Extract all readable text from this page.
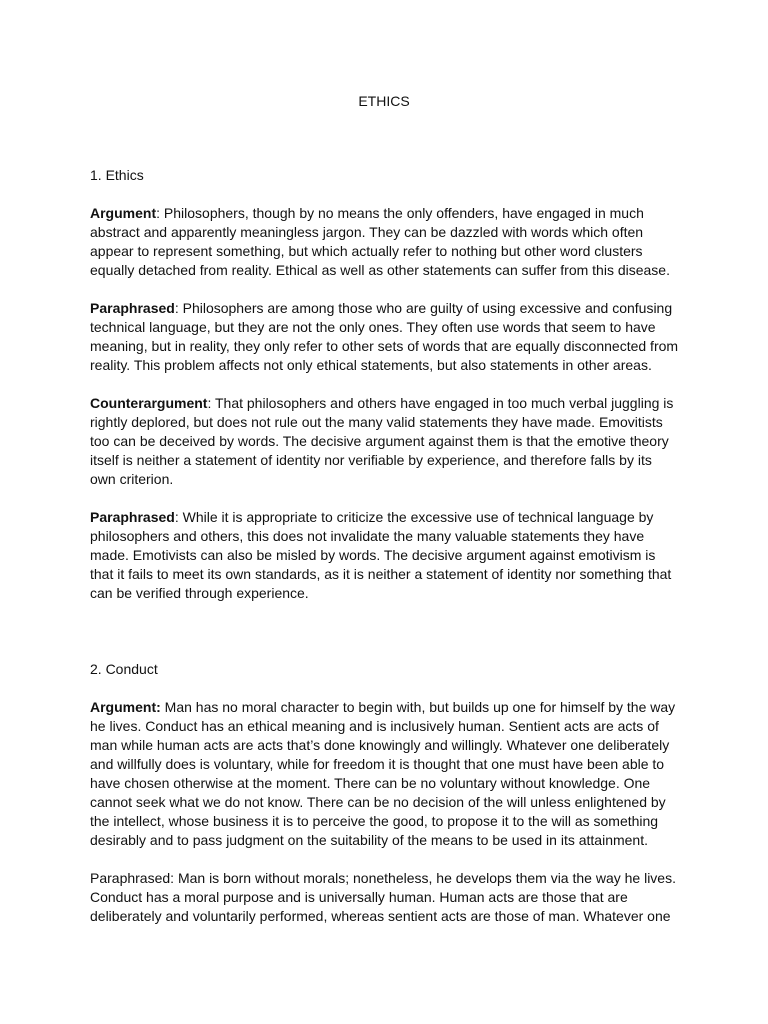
ETHICS

1. Ethics

Argument: Philosophers, though by no means the only offenders, have engaged in much abstract and apparently meaningless jargon. They can be dazzled with words which often appear to represent something, but which actually refer to nothing but other word clusters equally detached from reality. Ethical as well as other statements can suffer from this disease.

Paraphrased: Philosophers are among those who are guilty of using excessive and confusing technical language, but they are not the only ones. They often use words that seem to have meaning, but in reality, they only refer to other sets of words that are equally disconnected from reality. This problem affects not only ethical statements, but also statements in other areas.

Counterargument: That philosophers and others have engaged in too much verbal juggling is rightly deplored, but does not rule out the many valid statements they have made. Emovitists too can be deceived by words. The decisive argument against them is that the emotive theory itself is neither a statement of identity nor verifiable by experience, and therefore falls by its own criterion.

Paraphrased: While it is appropriate to criticize the excessive use of technical language by philosophers and others, this does not invalidate the many valuable statements they have made. Emotivists can also be misled by words. The decisive argument against emotivism is that it fails to meet its own standards, as it is neither a statement of identity nor something that can be verified through experience.

2. Conduct

Argument: Man has no moral character to begin with, but builds up one for himself by the way he lives. Conduct has an ethical meaning and is inclusively human. Sentient acts are acts of man while human acts are acts that’s done knowingly and willingly. Whatever one deliberately and willfully does is voluntary, while for freedom it is thought that one must have been able to have chosen otherwise at the moment. There can be no voluntary without knowledge. One cannot seek what we do not know. There can be no decision of the will unless enlightened by the intellect, whose business it is to perceive the good, to propose it to the will as something desirably and to pass judgment on the suitability of the means to be used in its attainment.

Paraphrased: Man is born without morals; nonetheless, he develops them via the way he lives. Conduct has a moral purpose and is universally human. Human acts are those that are deliberately and voluntarily performed, whereas sentient acts are those of man. Whatever one
